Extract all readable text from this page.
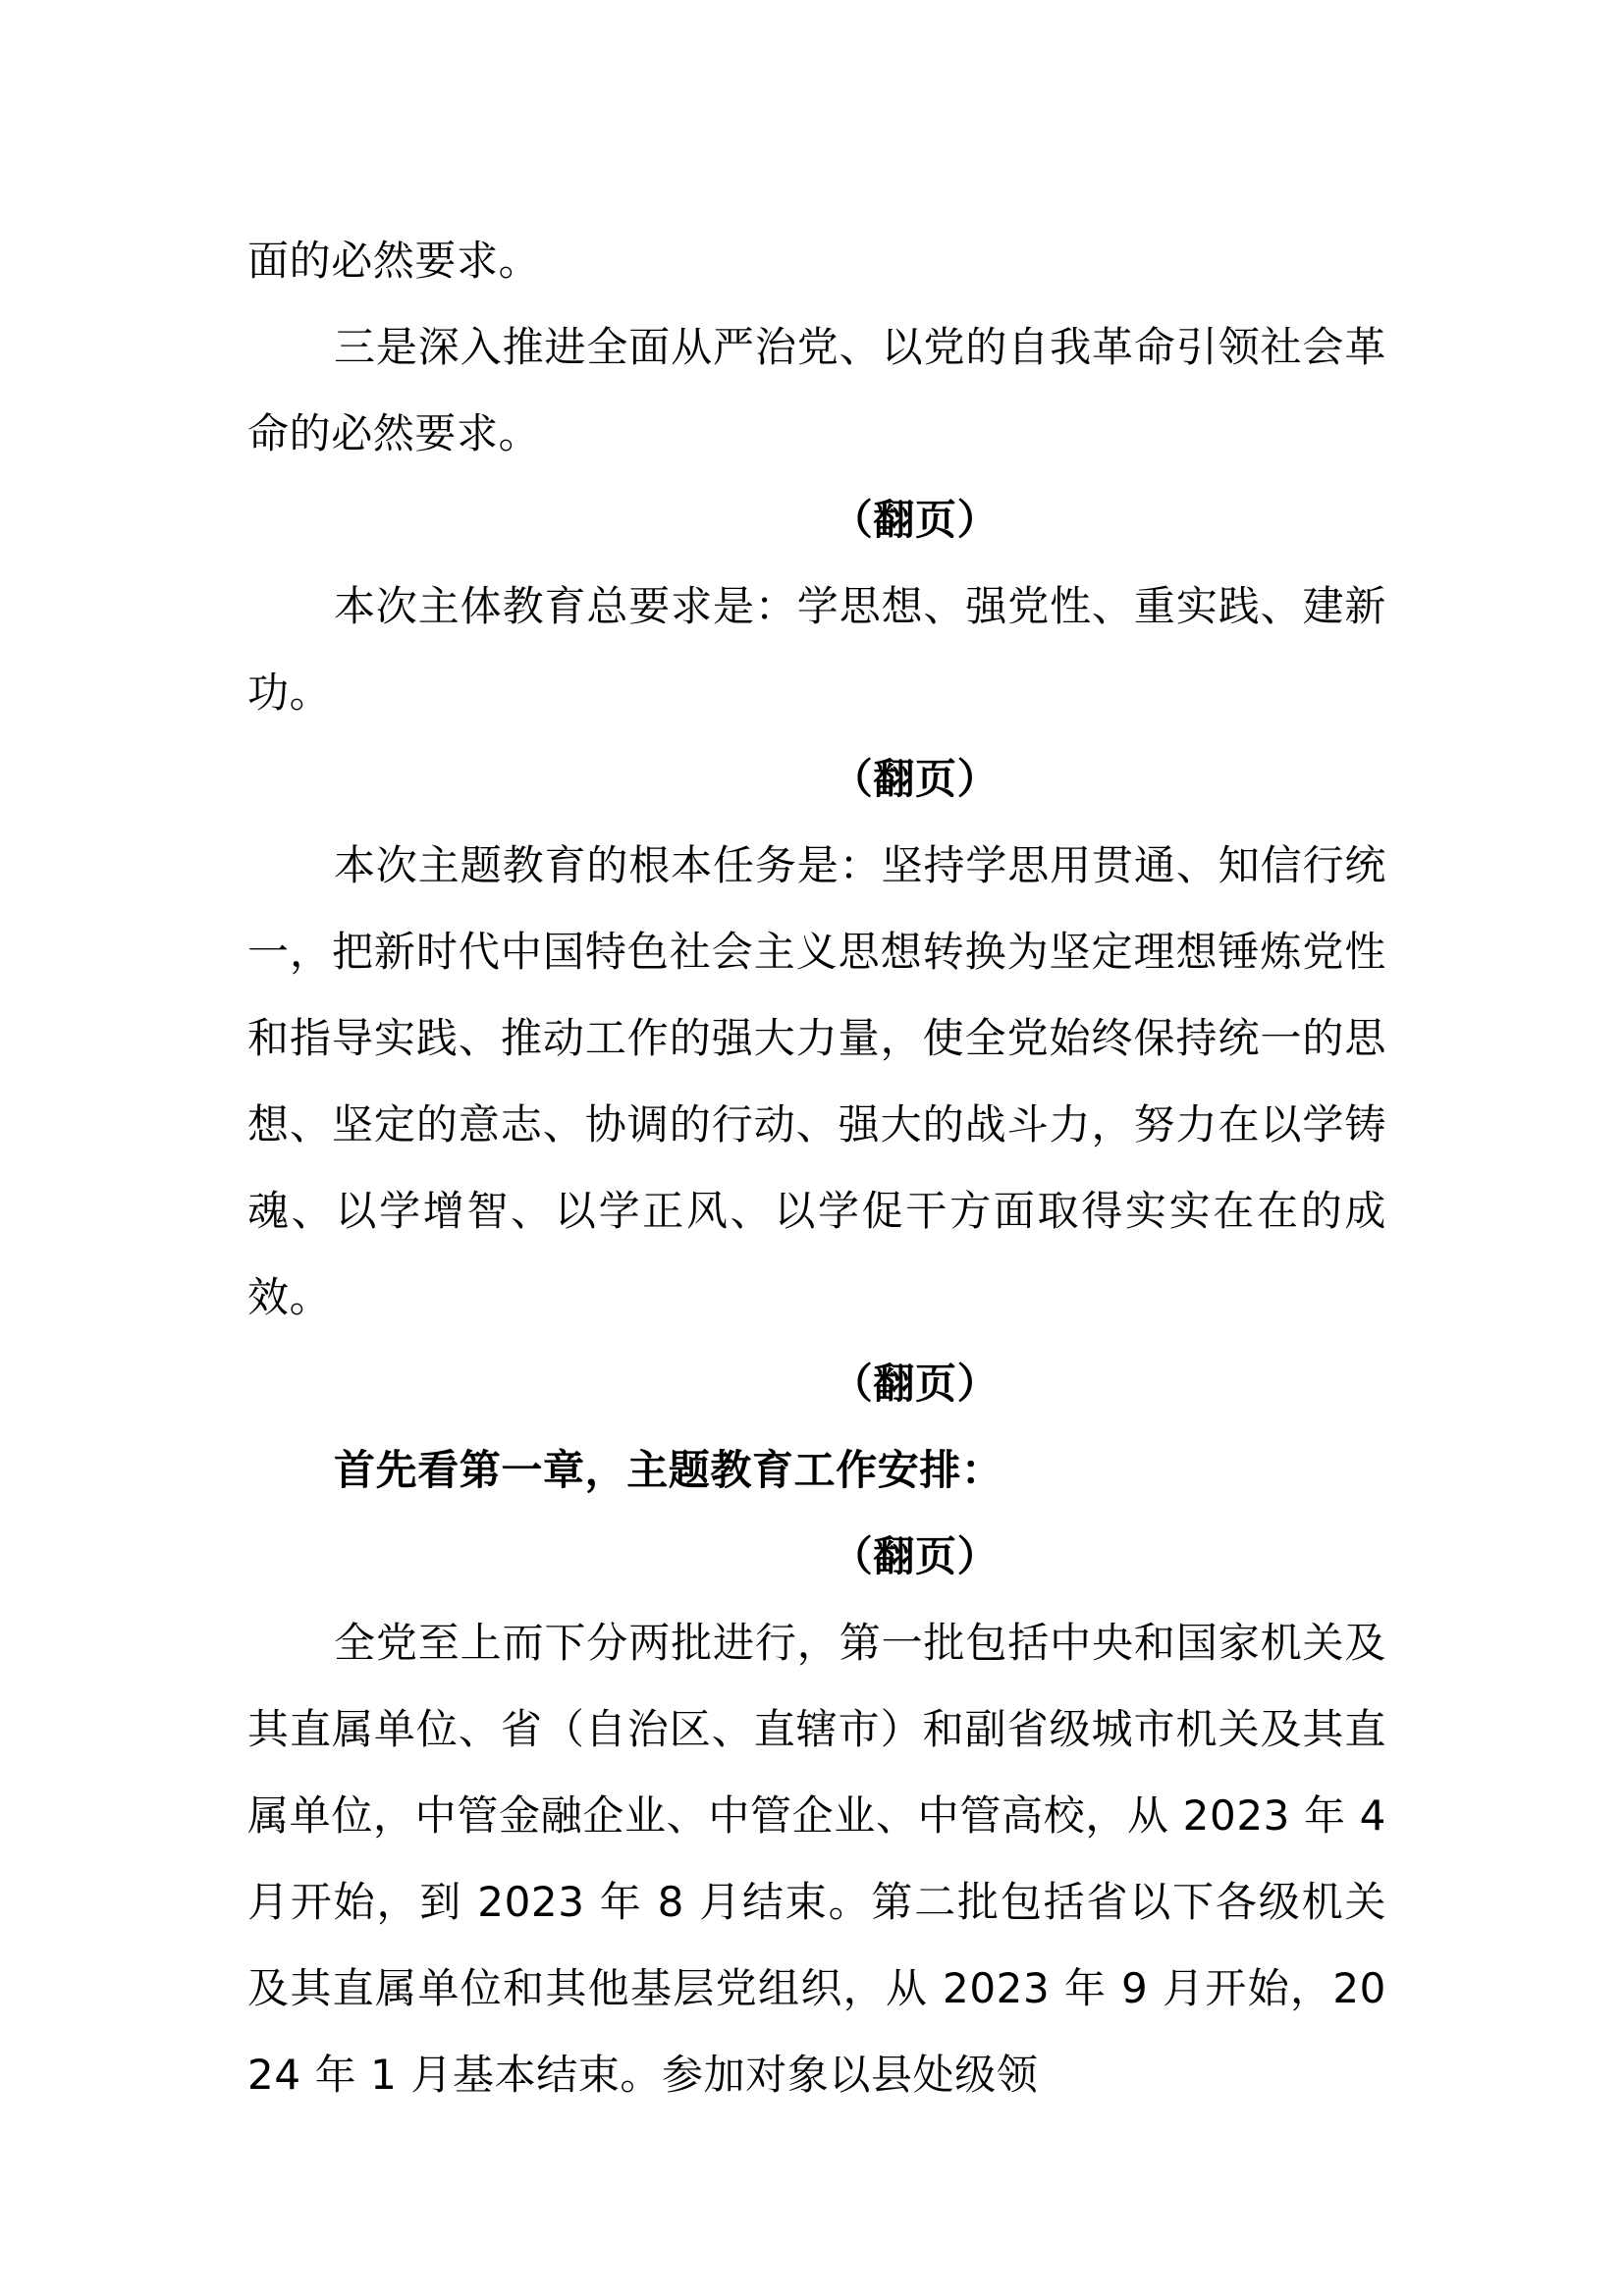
面的必然要求。

三是深入推进全面从严治党、以党的自我革命引领社会革命的必然要求。

（翻页）

本次主体教育总要求是：学思想、强党性、重实践、建新功。

（翻页）

本次主题教育的根本任务是：坚持学思用贯通、知信行统一，把新时代中国特色社会主义思想转换为坚定理想锤炼党性和指导实践、推动工作的强大力量，使全党始终保持统一的思想、坚定的意志、协调的行动、强大的战斗力，努力在以学铸魂、以学增智、以学正风、以学促干方面取得实实在在的成效。

（翻页）

首先看第一章，主题教育工作安排：

（翻页）

全党至上而下分两批进行，第一批包括中央和国家机关及其直属单位、省（自治区、直辖市）和副省级城市机关及其直属单位，中管金融企业、中管企业、中管高校，从 2023 年 4 月开始，到 2023 年 8 月结束。第二批包括省以下各级机关及其直属单位和其他基层党组织，从 2023 年 9 月开始，2024 年 1 月基本结束。参加对象以县处级领
